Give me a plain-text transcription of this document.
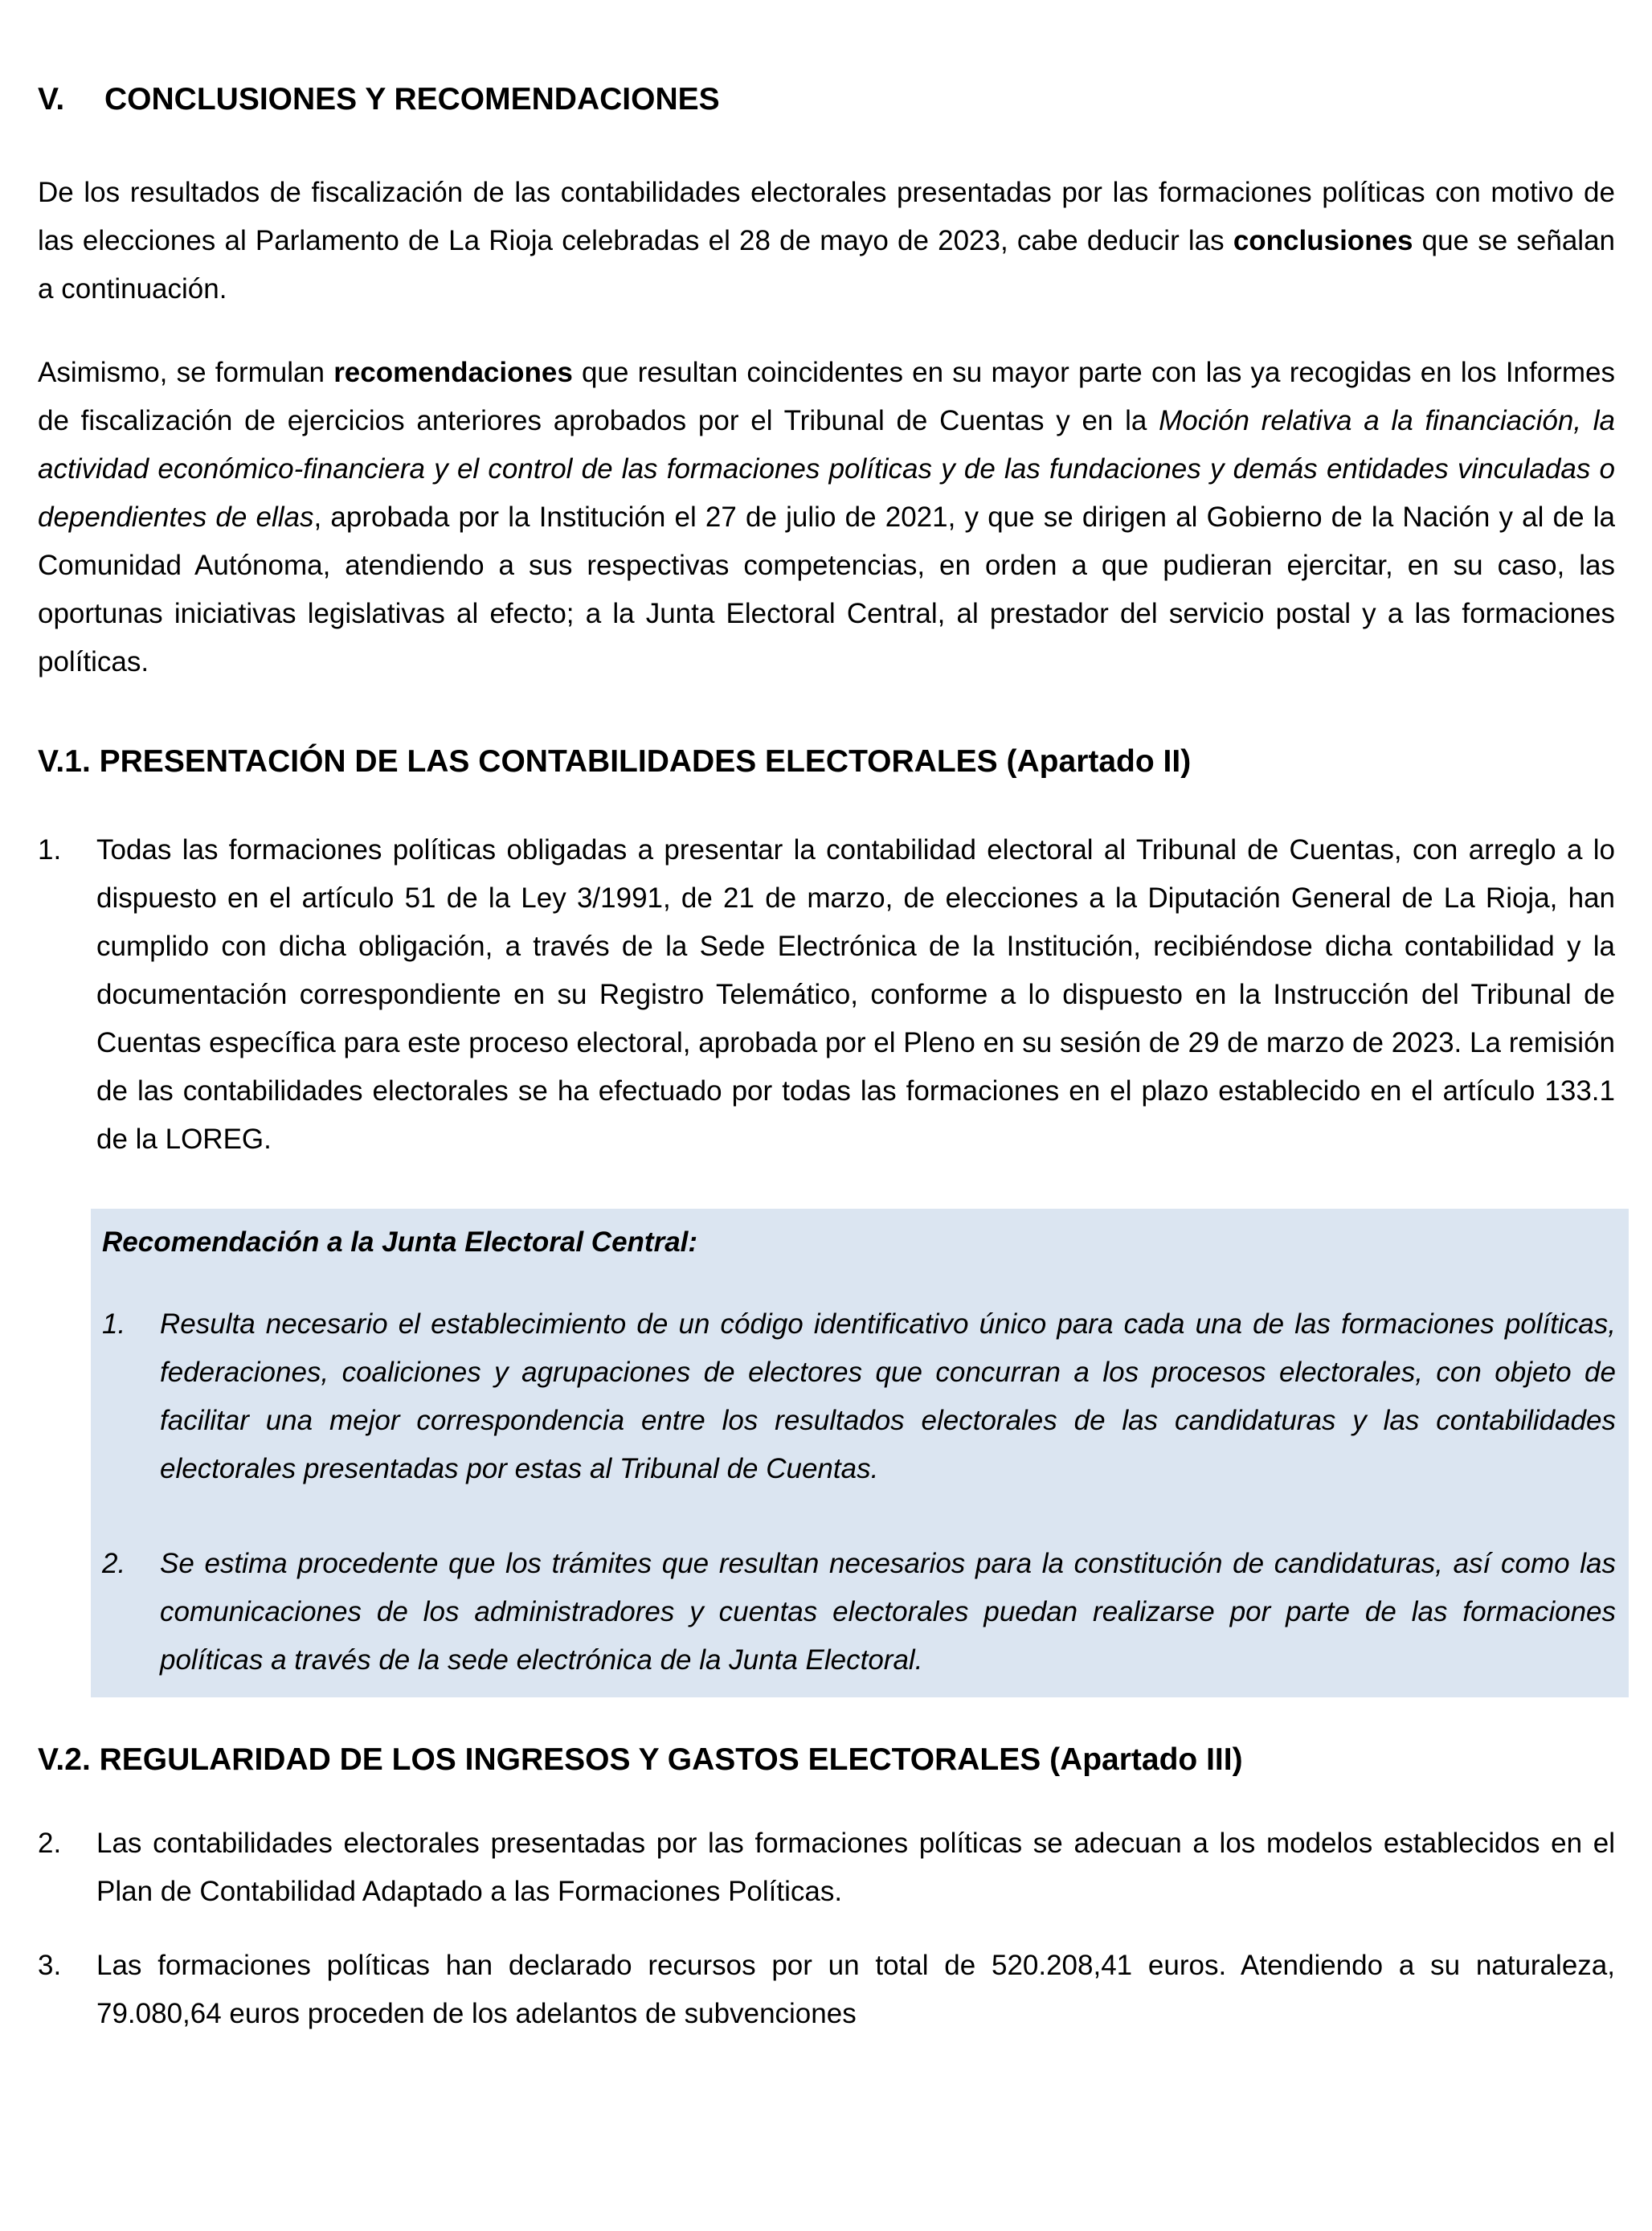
V.	CONCLUSIONES Y RECOMENDACIONES
De los resultados de fiscalización de las contabilidades electorales presentadas por las formaciones políticas con motivo de las elecciones al Parlamento de La Rioja celebradas el 28 de mayo de 2023, cabe deducir las conclusiones que se señalan a continuación.
Asimismo, se formulan recomendaciones que resultan coincidentes en su mayor parte con las ya recogidas en los Informes de fiscalización de ejercicios anteriores aprobados por el Tribunal de Cuentas y en la Moción relativa a la financiación, la actividad económico-financiera y el control de las formaciones políticas y de las fundaciones y demás entidades vinculadas o dependientes de ellas, aprobada por la Institución el 27 de julio de 2021, y que se dirigen al Gobierno de la Nación y al de la Comunidad Autónoma, atendiendo a sus respectivas competencias, en orden a que pudieran ejercitar, en su caso, las oportunas iniciativas legislativas al efecto; a la Junta Electoral Central, al prestador del servicio postal y a las formaciones políticas.
V.1. PRESENTACIÓN DE LAS CONTABILIDADES ELECTORALES (Apartado II)
1.	Todas las formaciones políticas obligadas a presentar la contabilidad electoral al Tribunal de Cuentas, con arreglo a lo dispuesto en el artículo 51 de la Ley 3/1991, de 21 de marzo, de elecciones a la Diputación General de La Rioja, han cumplido con dicha obligación, a través de la Sede Electrónica de la Institución, recibiéndose dicha contabilidad y la documentación correspondiente en su Registro Telemático, conforme a lo dispuesto en la Instrucción del Tribunal de Cuentas específica para este proceso electoral, aprobada por el Pleno en su sesión de 29 de marzo de 2023. La remisión de las contabilidades electorales se ha efectuado por todas las formaciones en el plazo establecido en el artículo 133.1 de la LOREG.
Recomendación a la Junta Electoral Central:
1.	Resulta necesario el establecimiento de un código identificativo único para cada una de las formaciones políticas, federaciones, coaliciones y agrupaciones de electores que concurran a los procesos electorales, con objeto de facilitar una mejor correspondencia entre los resultados electorales de las candidaturas y las contabilidades electorales presentadas por estas al Tribunal de Cuentas.
2.	Se estima procedente que los trámites que resultan necesarios para la constitución de candidaturas, así como las comunicaciones de los administradores y cuentas electorales puedan realizarse por parte de las formaciones políticas a través de la sede electrónica de la Junta Electoral.
V.2. REGULARIDAD DE LOS INGRESOS Y GASTOS ELECTORALES (Apartado III)
2.	Las contabilidades electorales presentadas por las formaciones políticas se adecuan a los modelos establecidos en el Plan de Contabilidad Adaptado a las Formaciones Políticas.
3.	Las formaciones políticas han declarado recursos por un total de 520.208,41 euros. Atendiendo a su naturaleza, 79.080,64 euros proceden de los adelantos de subvenciones
